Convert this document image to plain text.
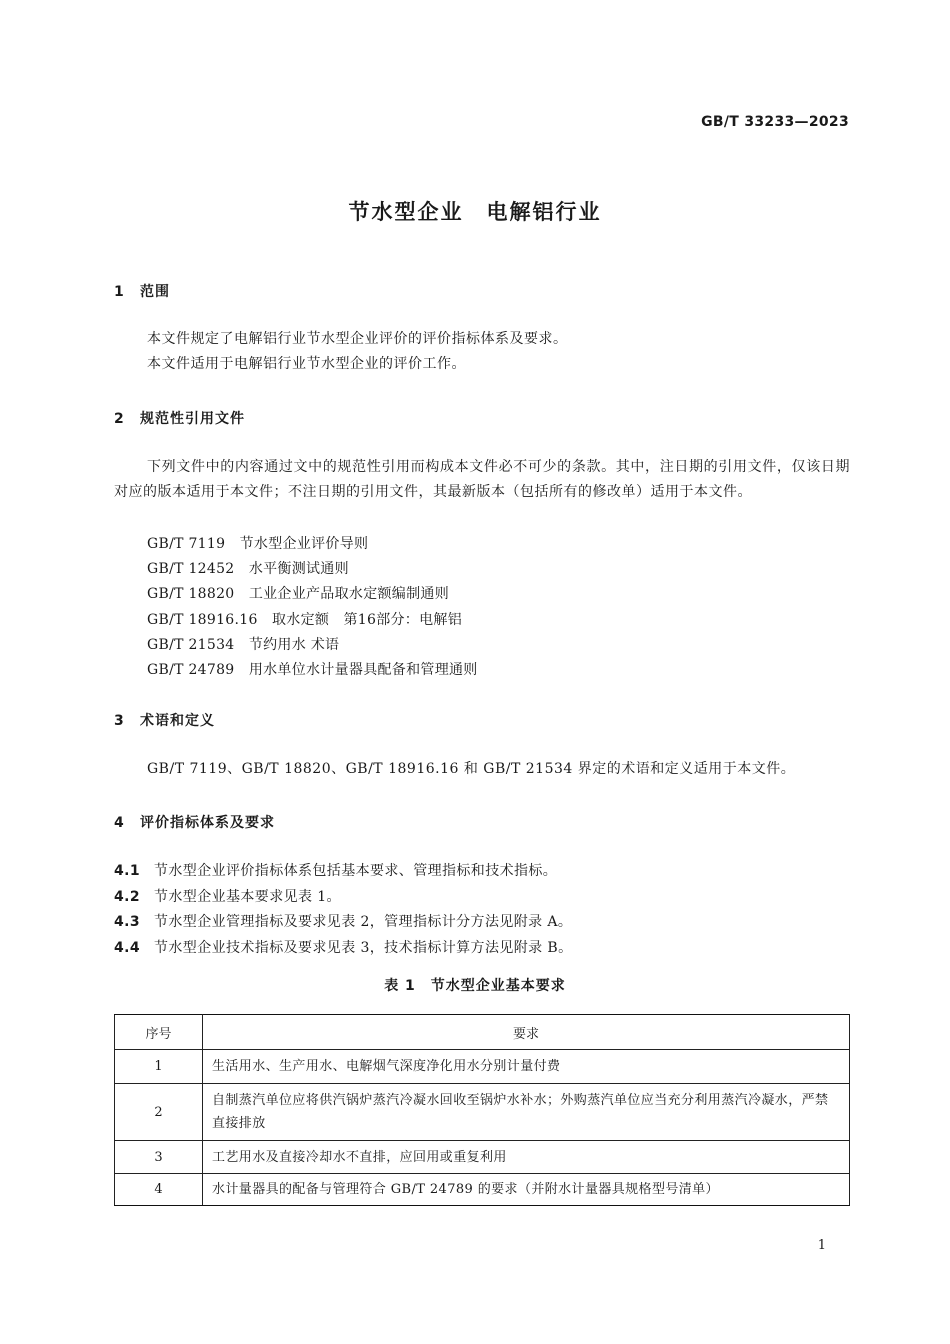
GB/T 33233—2023
节水型企业　电解铝行业
1 范围
本文件规定了电解铝行业节水型企业评价的评价指标体系及要求。
本文件适用于电解铝行业节水型企业的评价工作。
2 规范性引用文件
下列文件中的内容通过文中的规范性引用而构成本文件必不可少的条款。其中，注日期的引用文件，仅该日期对应的版本适用于本文件；不注日期的引用文件，其最新版本（包括所有的修改单）适用于本文件。
GB/T 7119　节水型企业评价导则
GB/T 12452　水平衡测试通则
GB/T 18820　工业企业产品取水定额编制通则
GB/T 18916.16　取水定额　第16部分：电解铝
GB/T 21534　节约用水 术语
GB/T 24789　用水单位水计量器具配备和管理通则
3 术语和定义
GB/T 7119、GB/T 18820、GB/T 18916.16 和 GB/T 21534 界定的术语和定义适用于本文件。
4 评价指标体系及要求
4.1 节水型企业评价指标体系包括基本要求、管理指标和技术指标。
4.2 节水型企业基本要求见表 1。
4.3 节水型企业管理指标及要求见表 2，管理指标计分方法见附录 A。
4.4 节水型企业技术指标及要求见表 3，技术指标计算方法见附录 B。
表 1　节水型企业基本要求
序号	要求
1	生活用水、生产用水、电解烟气深度净化用水分别计量付费
2	自制蒸汽单位应将供汽锅炉蒸汽冷凝水回收至锅炉水补水；外购蒸汽单位应当充分利用蒸汽冷凝水，严禁直接排放
3	工艺用水及直接冷却水不直排，应回用或重复利用
4	水计量器具的配备与管理符合 GB/T 24789 的要求（并附水计量器具规格型号清单）
1
